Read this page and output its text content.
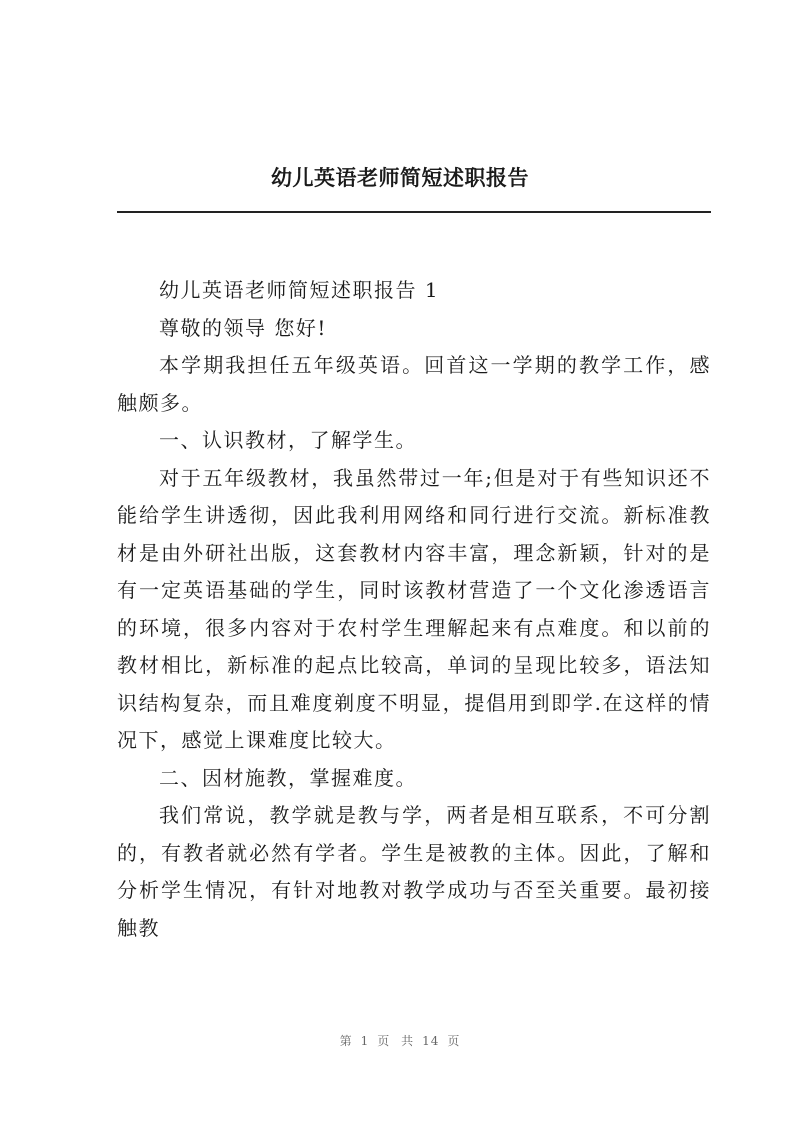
幼儿英语老师简短述职报告

幼儿英语老师简短述职报告 1

尊敬的领导 您好!

本学期我担任五年级英语。回首这一学期的教学工作，感触颇多。

一、认识教材，了解学生。

对于五年级教材，我虽然带过一年;但是对于有些知识还不能给学生讲透彻，因此我利用网络和同行进行交流。新标准教材是由外研社出版，这套教材内容丰富，理念新颖，针对的是有一定英语基础的学生，同时该教材营造了一个文化渗透语言的环境，很多内容对于农村学生理解起来有点难度。和以前的教材相比，新标准的起点比较高，单词的呈现比较多，语法知识结构复杂，而且难度剃度不明显，提倡用到即学.在这样的情况下，感觉上课难度比较大。

二、因材施教，掌握难度。

我们常说，教学就是教与学，两者是相互联系，不可分割的，有教者就必然有学者。学生是被教的主体。因此，了解和分析学生情况，有针对地教对教学成功与否至关重要。最初接触教

第 1 页 共 14 页
